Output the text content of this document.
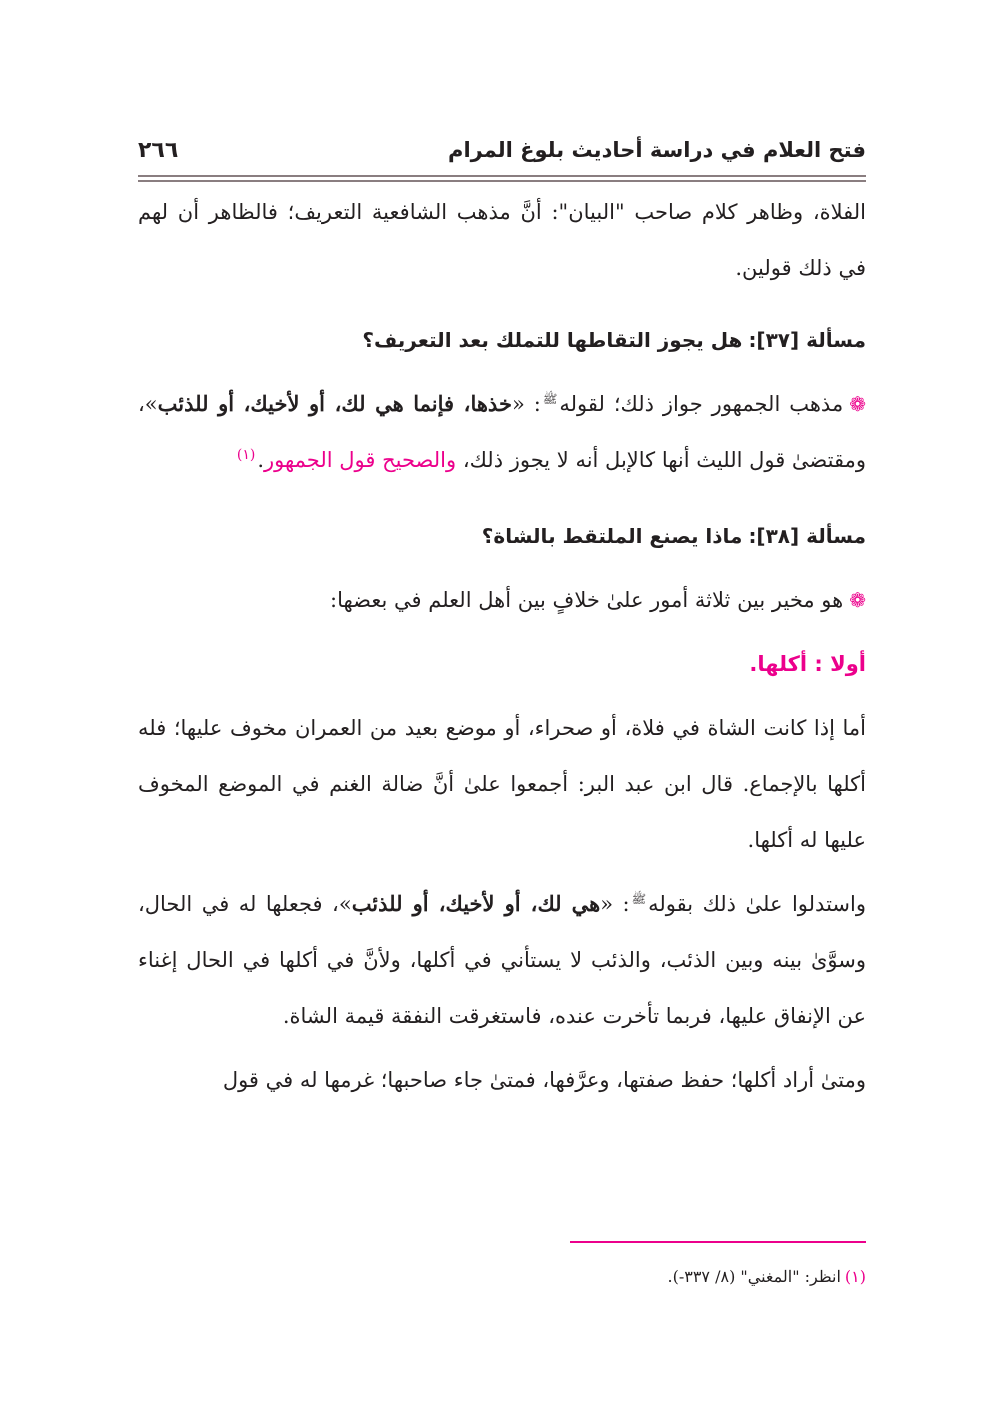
٢٦٦	فتح العلام في دراسة أحاديث بلوغ المرام

الفلاة، وظاهر كلام صاحب "البيان": أنَّ مذهب الشافعية التعريف؛ فالظاهر أن لهم في ذلك قولين.

مسألة [٣٧]:هل يجوز التقاطها للتملك بعد التعريف؟

❁مذهب الجمهور جواز ذلك؛ لقوله$^ﷺ$: «خذها، فإنما هي لك، أو لأخيك، أو للذئب»، ومقتضىٰ قول الليث أنها كالإبل أنه لا يجوز ذلك، والصحيح قول الجمهور.$^{(١)}$

مسألة [٣٨]:ماذا يصنع الملتقط بالشاة؟

❁هو مخير بين ثلاثة أمور علىٰ خلافٍ بين أهل العلم في بعضها:

أولا : أكلها.

أما إذا كانت الشاة في فلاة، أو صحراء، أو موضع بعيد من العمران مخوف عليها؛ فله أكلها بالإجماع. قال ابن عبد البر: أجمعوا علىٰ أنَّ ضالة الغنم في الموضع المخوف عليها له أكلها.

واستدلوا علىٰ ذلك بقوله$^ﷺ$: «هي لك، أو لأخيك، أو للذئب»، فجعلها له في الحال، وسوَّىٰ بينه وبين الذئب، والذئب لا يستأني في أكلها، ولأنَّ في أكلها في الحال إغناء عن الإنفاق عليها، فربما تأخرت عنده، فاستغرقت النفقة قيمة الشاة.

ومتىٰ أراد أكلها؛ حفظ صفتها، وعرَّفها، فمتىٰ جاء صاحبها؛ غرمها له في قول

(١)انظر: "المغني" (٨/ ٣٣٧-).
